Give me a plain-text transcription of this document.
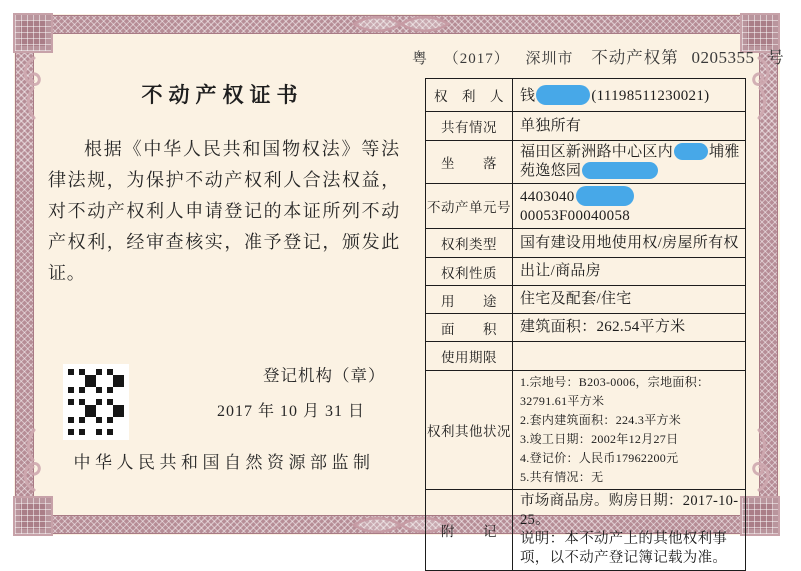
粤 （2017） 深圳市 不动产权第 0205355 号
不动产权证书
根据《中华人民共和国物权法》等法律法规，为保护不动产权利人合法权益，对不动产权利人申请登记的本证所列不动产权利，经审查核实，准予登记，颁发此证。
登记机构（章）
2017 年 10 月 31 日
中华人民共和国自然资源部监制
权　利　人	钱 (11198511230021)
共有情况	单独所有
坐　　落	福田区新洲路中心区内 埔雅苑逸悠园
不动产单元号	440304000053F00040058
权利类型	国有建设用地使用权/房屋所有权
权利性质	出让/商品房
用　　途	住宅及配套/住宅
面　　积	建筑面积：262.54平方米
使用期限	
权利其他状况	1.宗地号：B203-0006，宗地面积：32791.61平方米
2.套内建筑面积：224.3平方米
3.竣工日期：2002年12月27日
4.登记价：人民币17962200元
5.共有情况：无

附　　记	市场商品房。购房日期：2017-10-25。
说明：本不动产上的其他权利事项，以不动产登记簿记载为准。
